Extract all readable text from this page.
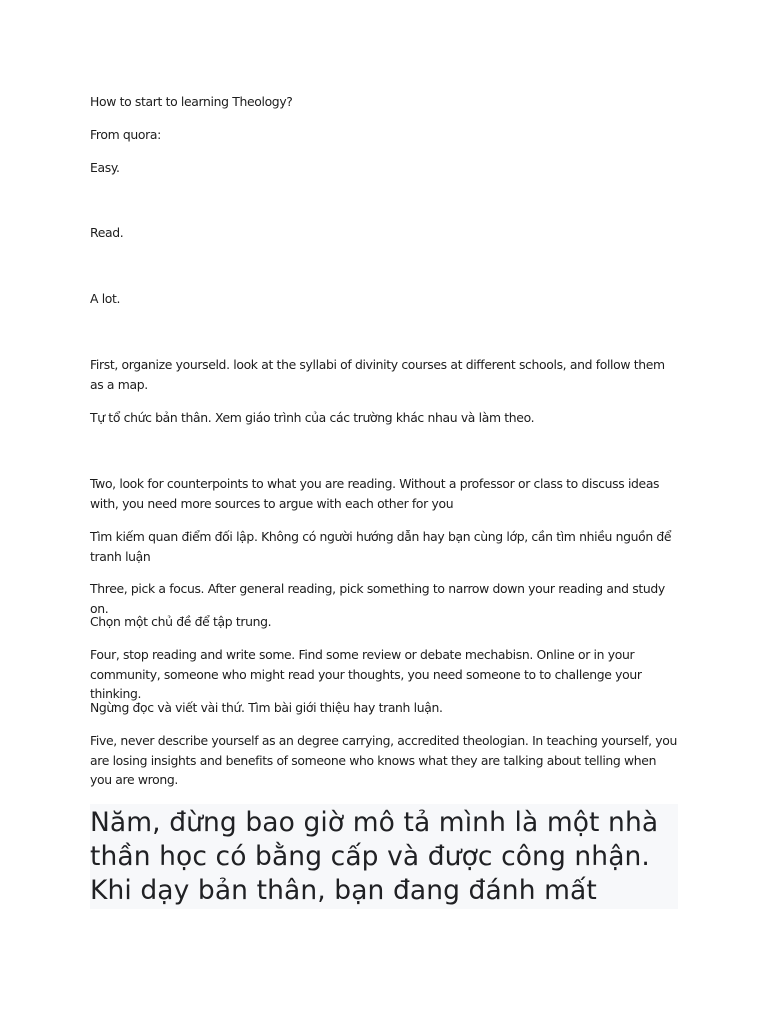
How to start to learning Theology?

From quora:

Easy.

Read.

A lot.

First, organize yourseld. look at the syllabi of divinity courses at different schools, and follow them as a map.

Tự tổ chức bản thân. Xem giáo trình của các trường khác nhau và làm theo.

Two, look for counterpoints to what you are reading. Without a professor or class to discuss ideas with, you need more sources to argue with each other for you

Tìm kiếm quan điểm đối lập. Không có người hướng dẫn hay bạn cùng lớp, cần tìm nhiều nguồn để tranh luận

Three, pick a focus. After general reading, pick something to narrow down your reading and study on.

Chọn một chủ đề để tập trung.

Four, stop reading and write some. Find some review or debate mechabisn. Online or in your community, someone who might read your thoughts, you need someone to to challenge your thinking.

Ngừng đọc và viết vài thứ. Tìm bài giới thiệu hay tranh luận.

Five, never describe yourself as an degree carrying, accredited theologian. In teaching yourself, you are losing insights and benefits of someone who knows what they are talking about telling when you are wrong.

Năm, đừng bao giờ mô tả mình là một nhà thần học có bằng cấp và được công nhận. Khi dạy bản thân, bạn đang đánh mất
